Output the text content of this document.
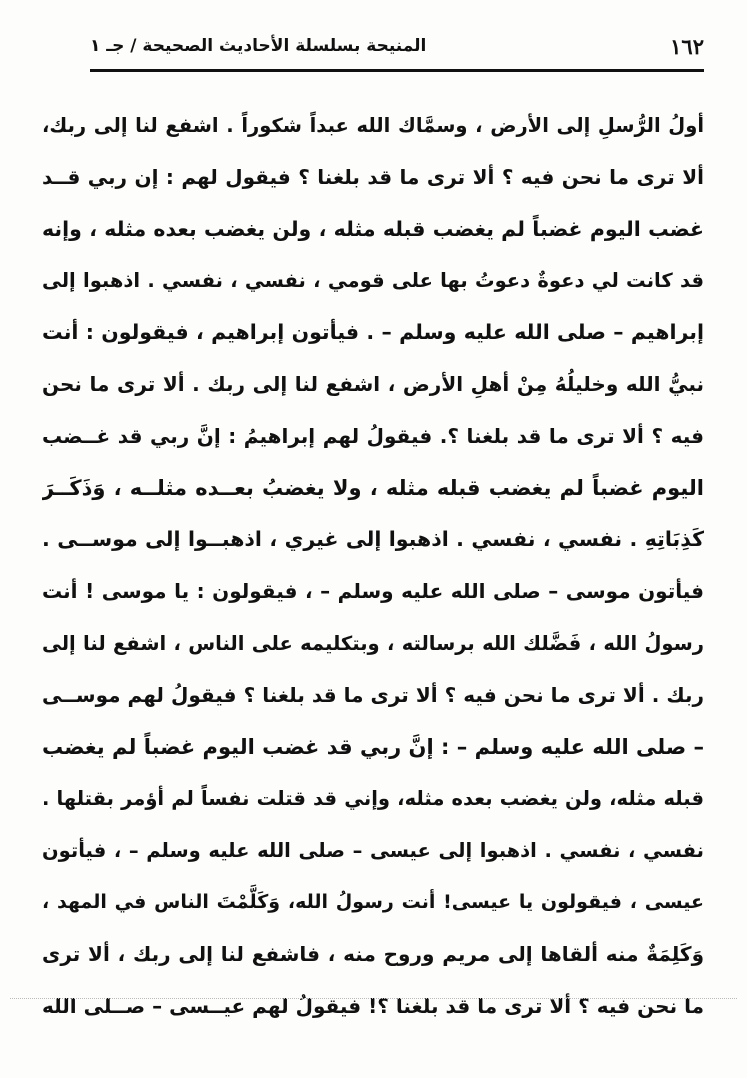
١٦٢
المنيحة بسلسلة الأحاديث الصحيحة / جـ ١
أولُ الرُّسلِ إلى الأرض ، وسمَّاك الله عبداً شكوراً . اشفع لنا إلى ربك،
ألا ترى ما نحن فيه ؟ ألا ترى ما قد بلغنا ؟ فيقول لهم : إن ربي قــد
غضب اليوم غضباً لم يغضب قبله مثله ، ولن يغضب بعده مثله ، وإنه
قد كانت لي دعوةٌ دعوتُ بها على قومي ، نفسي ، نفسي . اذهبوا إلى
إبراهيم – صلى الله عليه وسلم – . فيأتون إبراهيم ، فيقولون : أنت
نبيُّ الله وخليلُهُ مِنْ أهلِ الأرض ، اشفع لنا إلى ربك . ألا ترى ما نحن
فيه ؟ ألا ترى ما قد بلغنا ؟. فيقولُ لهم إبراهيمُ : إنَّ ربي قد غــضب
اليوم غضباً لم يغضب قبله مثله ، ولا يغضبُ بعــده مثلــه ، وَذَكَــرَ
كَذِبَاتِهِ . نفسي ، نفسي . اذهبوا إلى غيري ، اذهبــوا إلى موســى .
فيأتون موسى – صلى الله عليه وسلم – ، فيقولون : يا موسى ! أنت
رسولُ الله ، فَضَّلك الله برسالته ، وبتكليمه على الناس ، اشفع لنا إلى
ربك . ألا ترى ما نحن فيه ؟ ألا ترى ما قد بلغنا ؟ فيقولُ لهم موســى
– صلى الله عليه وسلم – : إنَّ ربي قد غضب اليوم غضباً لم يغضب
قبله مثله، ولن يغضب بعده مثله، وإني قد قتلت نفساً لم أؤمر بقتلها .
نفسي ، نفسي . اذهبوا إلى عيسى – صلى الله عليه وسلم – ، فيأتون
عيسى ، فيقولون يا عيسى! أنت رسولُ الله، وَكَلَّمْتَ الناس في المهد ،
وَكَلِمَةٌ منه ألقاها إلى مريم وروح منه ، فاشفع لنا إلى ربك ، ألا ترى
ما نحن فيه ؟ ألا ترى ما قد بلغنا ؟! فيقولُ لهم عيــسى – صــلى الله
